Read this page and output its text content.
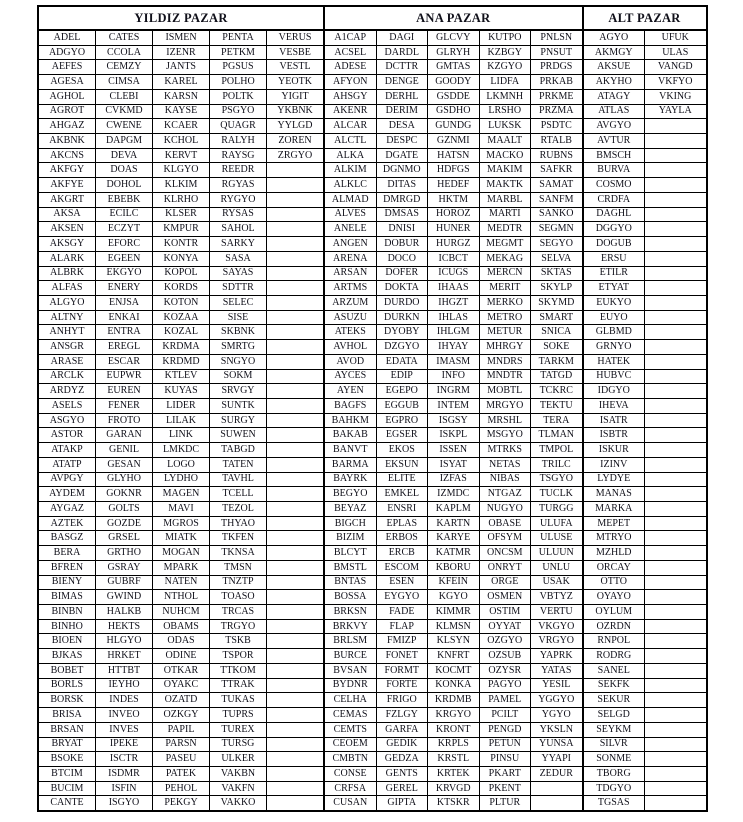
YILDIZ PAZAR				
ADEL	CATES	ISMEN	PENTA	VERUS
ADGYO	CCOLA	IZENR	PETKM	VESBE
AEFES	CEMZY	JANTS	PGSUS	VESTL
AGESA	CIMSA	KAREL	POLHO	YEOTK
AGHOL	CLEBI	KARSN	POLTK	YIGIT
AGROT	CVKMD	KAYSE	PSGYO	YKBNK
AHGAZ	CWENE	KCAER	QUAGR	YYLGD
AKBNK	DAPGM	KCHOL	RALYH	ZOREN
AKCNS	DEVA	KERVT	RAYSG	ZRGYO
AKFGY	DOAS	KLGYO	REEDR	
AKFYE	DOHOL	KLKIM	RGYAS	
AKGRT	EBEBK	KLRHO	RYGYO	
AKSA	ECILC	KLSER	RYSAS	
AKSEN	ECZYT	KMPUR	SAHOL	
AKSGY	EFORC	KONTR	SARKY	
ALARK	EGEEN	KONYA	SASA	
ALBRK	EKGYO	KOPOL	SAYAS	
ALFAS	ENERY	KORDS	SDTTR	
ALGYO	ENJSA	KOTON	SELEC	
ALTNY	ENKAI	KOZAA	SISE	
ANHYT	ENTRA	KOZAL	SKBNK	
ANSGR	EREGL	KRDMA	SMRTG	
ARASE	ESCAR	KRDMD	SNGYO	
ARCLK	EUPWR	KTLEV	SOKM	
ARDYZ	EUREN	KUYAS	SRVGY	
ASELS	FENER	LIDER	SUNTK	
ASGYO	FROTO	LILAK	SURGY	
ASTOR	GARAN	LINK	SUWEN	
ATAKP	GENIL	LMKDC	TABGD	
ATATP	GESAN	LOGO	TATEN	
AVPGY	GLYHO	LYDHO	TAVHL	
AYDEM	GOKNR	MAGEN	TCELL	
AYGAZ	GOLTS	MAVI	TEZOL	
AZTEK	GOZDE	MGROS	THYAO	
BASGZ	GRSEL	MIATK	TKFEN	
BERA	GRTHO	MOGAN	TKNSA	
BFREN	GSRAY	MPARK	TMSN	
BIENY	GUBRF	NATEN	TNZTP	
BIMAS	GWIND	NTHOL	TOASO	
BINBN	HALKB	NUHCM	TRCAS	
BINHO	HEKTS	OBAMS	TRGYO	
BIOEN	HLGYO	ODAS	TSKB	
BJKAS	HRKET	ODINE	TSPOR	
BOBET	HTTBT	OTKAR	TTKOM	
BORLS	IEYHO	OYAKC	TTRAK	
BORSK	INDES	OZATD	TUKAS	
BRISA	INVEO	OZKGY	TUPRS	
BRSAN	INVES	PAPIL	TUREX	
BRYAT	IPEKE	PARSN	TURSG	
BSOKE	ISCTR	PASEU	ULKER	
BTCIM	ISDMR	PATEK	VAKBN	
BUCIM	ISFIN	PEHOL	VAKFN	
CANTE	ISGYO	PEKGY	VAKKO	
ANA PAZAR				
A1CAP	DAGI	GLCVY	KUTPO	PNLSN
ACSEL	DARDL	GLRYH	KZBGY	PNSUT
ADESE	DCTTR	GMTAS	KZGYO	PRDGS
AFYON	DENGE	GOODY	LIDFA	PRKAB
AHSGY	DERHL	GSDDE	LKMNH	PRKME
AKENR	DERIM	GSDHO	LRSHO	PRZMA
ALCAR	DESA	GUNDG	LUKSK	PSDTC
ALCTL	DESPC	GZNMI	MAALT	RTALB
ALKA	DGATE	HATSN	MACKO	RUBNS
ALKIM	DGNMO	HDFGS	MAKIM	SAFKR
ALKLC	DITAS	HEDEF	MAKTK	SAMAT
ALMAD	DMRGD	HKTM	MARBL	SANFM
ALVES	DMSAS	HOROZ	MARTI	SANKO
ANELE	DNISI	HUNER	MEDTR	SEGMN
ANGEN	DOBUR	HURGZ	MEGMT	SEGYO
ARENA	DOCO	ICBCT	MEKAG	SELVA
ARSAN	DOFER	ICUGS	MERCN	SKTAS
ARTMS	DOKTA	IHAAS	MERIT	SKYLP
ARZUM	DURDO	IHGZT	MERKO	SKYMD
ASUZU	DURKN	IHLAS	METRO	SMART
ATEKS	DYOBY	IHLGM	METUR	SNICA
AVHOL	DZGYO	IHYAY	MHRGY	SOKE
AVOD	EDATA	IMASM	MNDRS	TARKM
AYCES	EDIP	INFO	MNDTR	TATGD
AYEN	EGEPO	INGRM	MOBTL	TCKRC
BAGFS	EGGUB	INTEM	MRGYO	TEKTU
BAHKM	EGPRO	ISGSY	MRSHL	TERA
BAKAB	EGSER	ISKPL	MSGYO	TLMAN
BANVT	EKOS	ISSEN	MTRKS	TMPOL
BARMA	EKSUN	ISYAT	NETAS	TRILC
BAYRK	ELITE	IZFAS	NIBAS	TSGYO
BEGYO	EMKEL	IZMDC	NTGAZ	TUCLK
BEYAZ	ENSRI	KAPLM	NUGYO	TURGG
BIGCH	EPLAS	KARTN	OBASE	ULUFA
BIZIM	ERBOS	KARYE	OFSYM	ULUSE
BLCYT	ERCB	KATMR	ONCSM	ULUUN
BMSTL	ESCOM	KBORU	ONRYT	UNLU
BNTAS	ESEN	KFEIN	ORGE	USAK
BOSSA	EYGYO	KGYO	OSMEN	VBTYZ
BRKSN	FADE	KIMMR	OSTIM	VERTU
BRKVY	FLAP	KLMSN	OYYAT	VKGYO
BRLSM	FMIZP	KLSYN	OZGYO	VRGYO
BURCE	FONET	KNFRT	OZSUB	YAPRK
BVSAN	FORMT	KOCMT	OZYSR	YATAS
BYDNR	FORTE	KONKA	PAGYO	YESIL
CELHA	FRIGO	KRDMB	PAMEL	YGGYO
CEMAS	FZLGY	KRGYO	PCILT	YGYO
CEMTS	GARFA	KRONT	PENGD	YKSLN
CEOEM	GEDIK	KRPLS	PETUN	YUNSA
CMBTN	GEDZA	KRSTL	PINSU	YYAPI
CONSE	GENTS	KRTEK	PKART	ZEDUR
CRFSA	GEREL	KRVGD	PKENT	
CUSAN	GIPTA	KTSKR	PLTUR	
ALT PAZAR	
AGYO	UFUK
AKMGY	ULAS
AKSUE	VANGD
AKYHO	VKFYO
ATAGY	VKING
ATLAS	YAYLA
AVGYO	
AVTUR	
BMSCH	
BURVA	
COSMO	
CRDFA	
DAGHL	
DGGYO	
DOGUB	
ERSU	
ETILR	
ETYAT	
EUKYO	
EUYO	
GLBMD	
GRNYO	
HATEK	
HUBVC	
IDGYO	
IHEVA	
ISATR	
ISBTR	
ISKUR	
IZINV	
LYDYE	
MANAS	
MARKA	
MEPET	
MTRYO	
MZHLD	
ORCAY	
OTTO	
OYAYO	
OYLUM	
OZRDN	
RNPOL	
RODRG	
SANEL	
SEKFK	
SEKUR	
SELGD	
SEYKM	
SILVR	
SONME	
TBORG	
TDGYO	
TGSAS	
